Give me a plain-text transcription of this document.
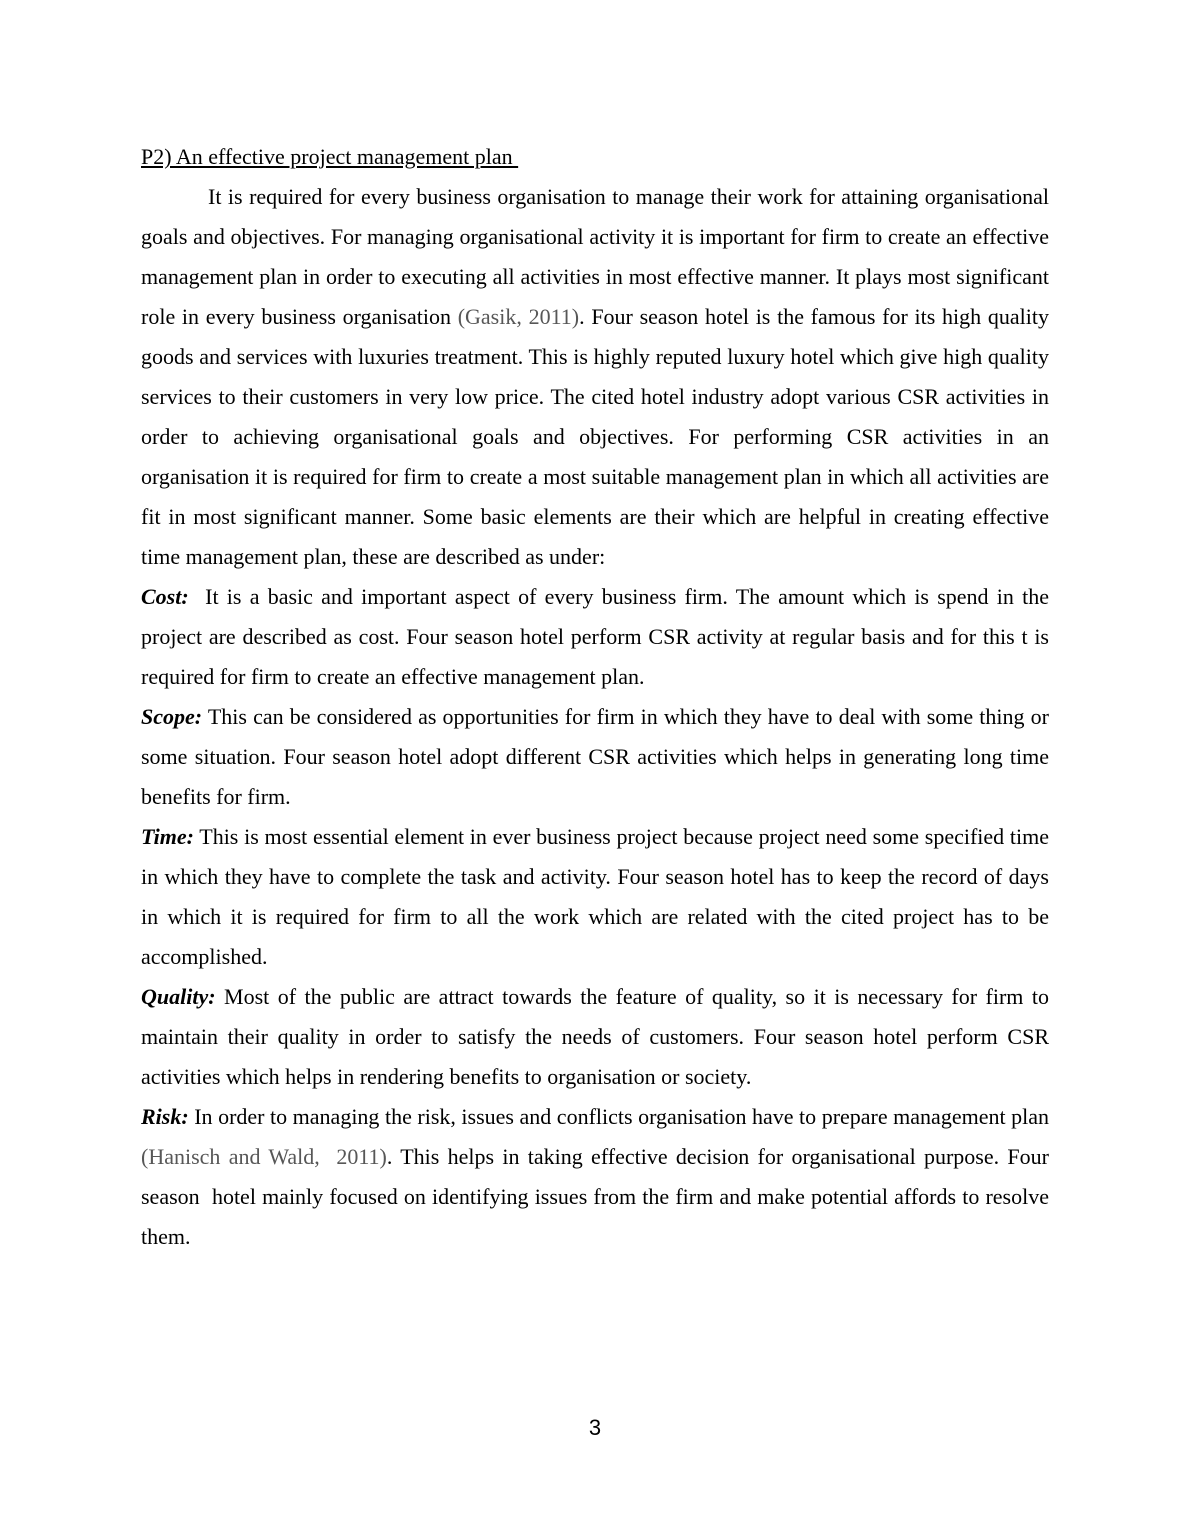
P2) An effective project management plan

It is required for every business organisation to manage their work for attaining organisational goals and objectives. For managing organisational activity it is important for firm to create an effective management plan in order to executing all activities in most effective manner. It plays most significant role in every business organisation (Gasik, 2011). Four season hotel is the famous for its high quality goods and services with luxuries treatment. This is highly reputed luxury hotel which give high quality services to their customers in very low price. The cited hotel industry adopt various CSR activities in order to achieving organisational goals and objectives. For performing CSR activities in an organisation it is required for firm to create a most suitable management plan in which all activities are fit in most significant manner. Some basic elements are their which are helpful in creating effective time management plan, these are described as under:

Cost:  It is a basic and important aspect of every business firm. The amount which is spend in the project are described as cost. Four season hotel perform CSR activity at regular basis and for this t is required for firm to create an effective management plan.

Scope: This can be considered as opportunities for firm in which they have to deal with some thing or some situation. Four season hotel adopt different CSR activities which helps in generating long time benefits for firm.

Time: This is most essential element in ever business project because project need some specified time in which they have to complete the task and activity. Four season hotel has to keep the record of days in which it is required for firm to all the work which are related with the cited project has to be accomplished.

Quality: Most of the public are attract towards the feature of quality, so it is necessary for firm to maintain their quality in order to satisfy the needs of customers. Four season hotel perform CSR activities which helps in rendering benefits to organisation or society.

Risk: In order to managing the risk, issues and conflicts organisation have to prepare management plan (Hanisch and Wald,  2011). This helps in taking effective decision for organisational purpose. Four season  hotel mainly focused on identifying issues from the firm and make potential affords to resolve them.

3
